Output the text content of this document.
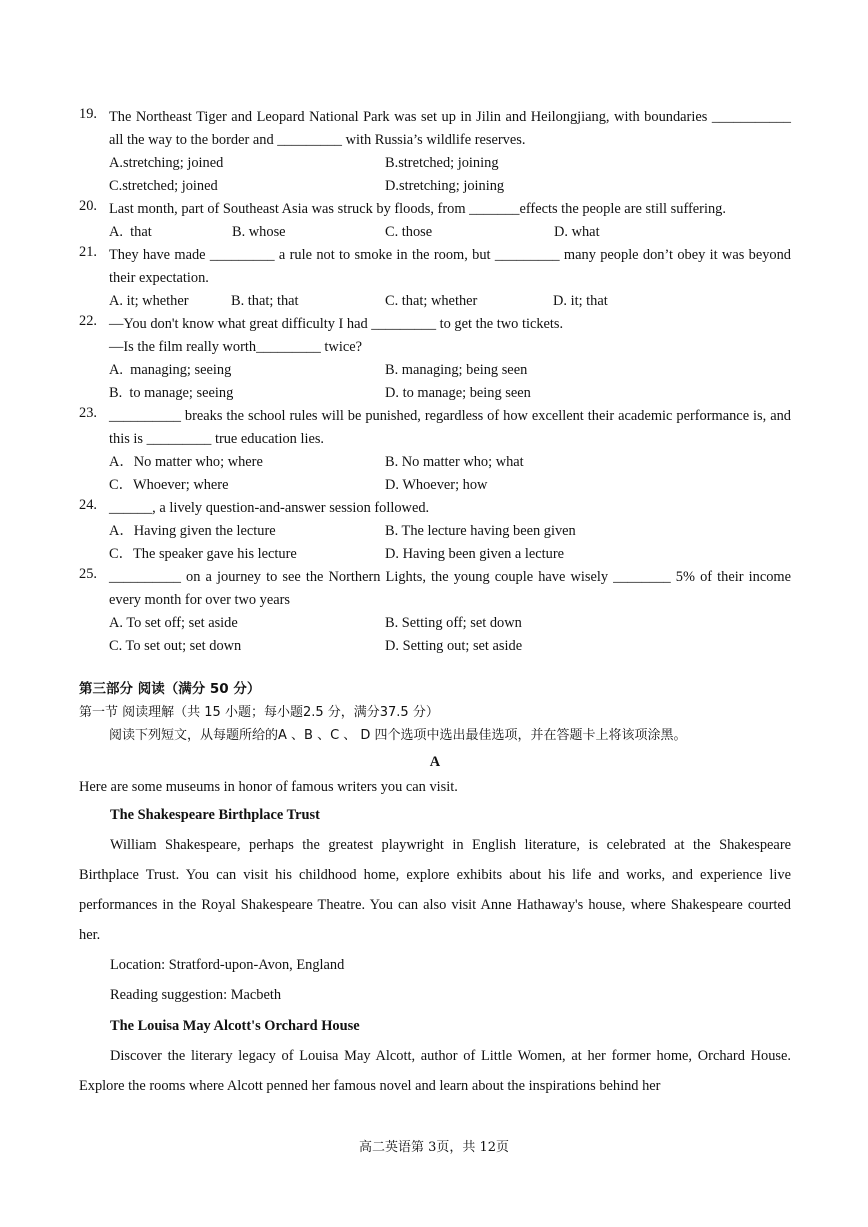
19. The Northeast Tiger and Leopard National Park was set up in Jilin and Heilongjiang, with boundaries ___________ all the way to the border and _________ with Russia’s wildlife reserves.
A.stretching; joined	B.stretched; joining
C.stretched; joined	D.stretching; joining
20. Last month, part of Southeast Asia was struck by floods, from _______effects the people are still suffering.
A.  that	B. whose	C. those	D. what
21. They have made _________ a rule not to smoke in the room, but _________ many people don’t obey it was beyond their expectation.
A. it; whether	B. that; that	C. that; whether	D. it; that
22. —You don't know what great difficulty I had _________ to get the two tickets.
—Is the film really worth_________ twice?
A.  managing; seeing	B. managing; being seen
B.  to manage; seeing	D. to manage; being seen
23. __________ breaks the school rules will be punished, regardless of how excellent their academic performance is, and this is _________ true education lies.
A．No matter who; where	B. No matter who; what
C．Whoever; where	D. Whoever; how
24. ______, a lively question-and-answer session followed.
A．Having given the lecture	B. The lecture having been given
C．The speaker gave his lecture	D. Having been given a lecture
25. __________ on a journey to see the Northern Lights, the young couple have wisely ________ 5% of their income every month for over two years
A. To set off; set aside	B. Setting off; set down
C. To set out; set down	D. Setting out; set aside
第三部分 阅读（满分 50 分）
第一节 阅读理解（共 15 小题；每小题2.5 分，满分37.5 分）
阅读下列短文，从每题所给的A 、B 、C 、 D 四个选项中选出最佳选项，并在答题卡上将该项涂黑。
A
Here are some museums in honor of famous writers you can visit.
The Shakespeare Birthplace Trust
William Shakespeare, perhaps the greatest playwright in English literature, is celebrated at the Shakespeare Birthplace Trust. You can visit his childhood home, explore exhibits about his life and works, and experience live performances in the Royal Shakespeare Theatre. You can also visit Anne Hathaway's house, where Shakespeare courted her.
Location: Stratford-upon-Avon, England
Reading suggestion: Macbeth
The Louisa May Alcott's Orchard House
Discover the literary legacy of Louisa May Alcott, author of Little Women, at her former home, Orchard House. Explore the rooms where Alcott penned her famous novel and learn about the inspirations behind her
高二英语第 3页，共 12页
